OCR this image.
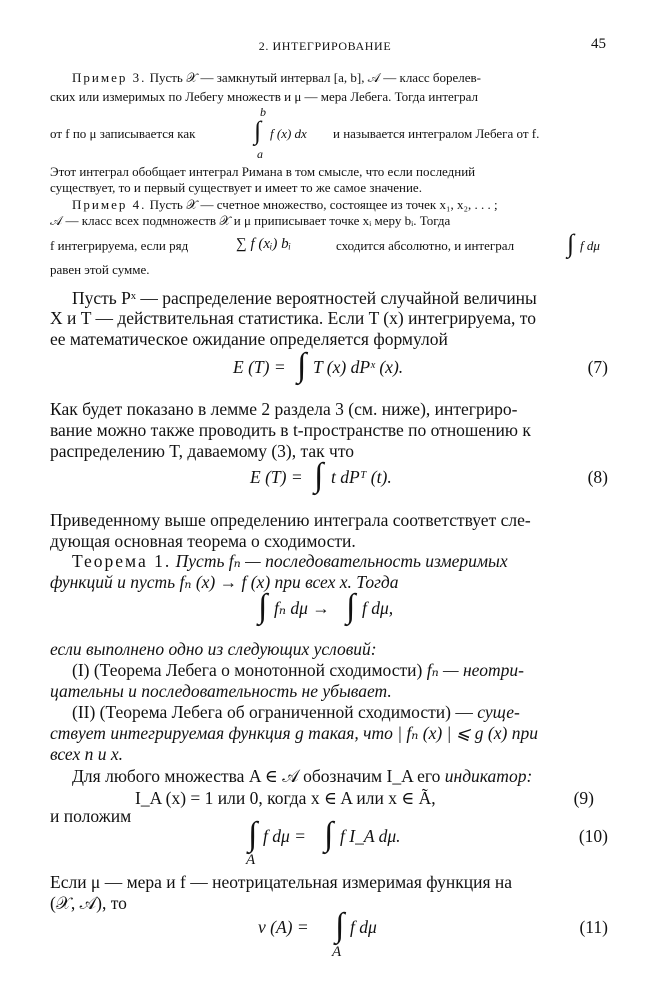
2. ИНТЕГРИРОВАНИЕ	45
Пример 3. Пусть 𝒳 — замкнутый интервал [a, b], 𝒜 — класс борелев-
ских или измеримых по Лебегу множеств и μ — мера Лебега. Тогда интеграл
от f по μ записывается как
b
∫
a
f (x) dx и называется интегралом Лебега от f.
Этот интеграл обобщает интеграл Римана в том смысле, что если последний
существует, то и первый существует и имеет то же самое значение.
Пример 4. Пусть 𝒳 — счетное множество, состоящее из точек x₁, x₂, . . . ;
𝒜 — класс всех подмножеств 𝒳 и μ приписывает точке xᵢ меру bᵢ. Тогда
f интегрируема, если ряд	∑ f (xᵢ) bᵢ	сходится абсолютно, и интеграл ∫ f dμ
равен этой сумме.
Пусть Pˣ — распределение вероятностей случайной величины
X и T — действительная статистика. Если T (x) интегрируема, то
ее математическое ожидание определяется формулой
E (T) = ∫ T (x) dPˣ (x).	(7)
Как будет показано в лемме 2 раздела 3 (см. ниже), интегриро-
вание можно также проводить в t-пространстве по отношению к
распределению T, даваемому (3), так что
E (T) = ∫ t dPᵀ (t).	(8)
Приведенному выше определению интеграла соответствует сле-
дующая основная теорема о сходимости.
Теорема 1. Пусть fₙ — последовательность измеримых
функций и пусть fₙ (x) → f (x) при всех x. Тогда
∫ fₙ dμ → ∫ f dμ,
если выполнено одно из следующих условий:
(I) (Теорема Лебега о монотонной сходимости) fₙ — неотри-
цательны и последовательность не убывает.
(II) (Теорема Лебега об ограниченной сходимости) — суще-
ствует интегрируемая функция g такая, что | fₙ (x) | ⩽ g (x) при
всех n и x.
Для любого множества A ∈ 𝒜 обозначим I_A его индикатор:
I_A (x) = 1 или 0, когда x ∈ A или x ∈ Ã,	(9)
и положим	∫
A
f dμ = ∫ f I_A dμ.	(10)
Если μ — мера и f — неотрицательная измеримая функция на
(𝒳, 𝒜), то
ν (A) = ∫
A
f dμ	(11)
